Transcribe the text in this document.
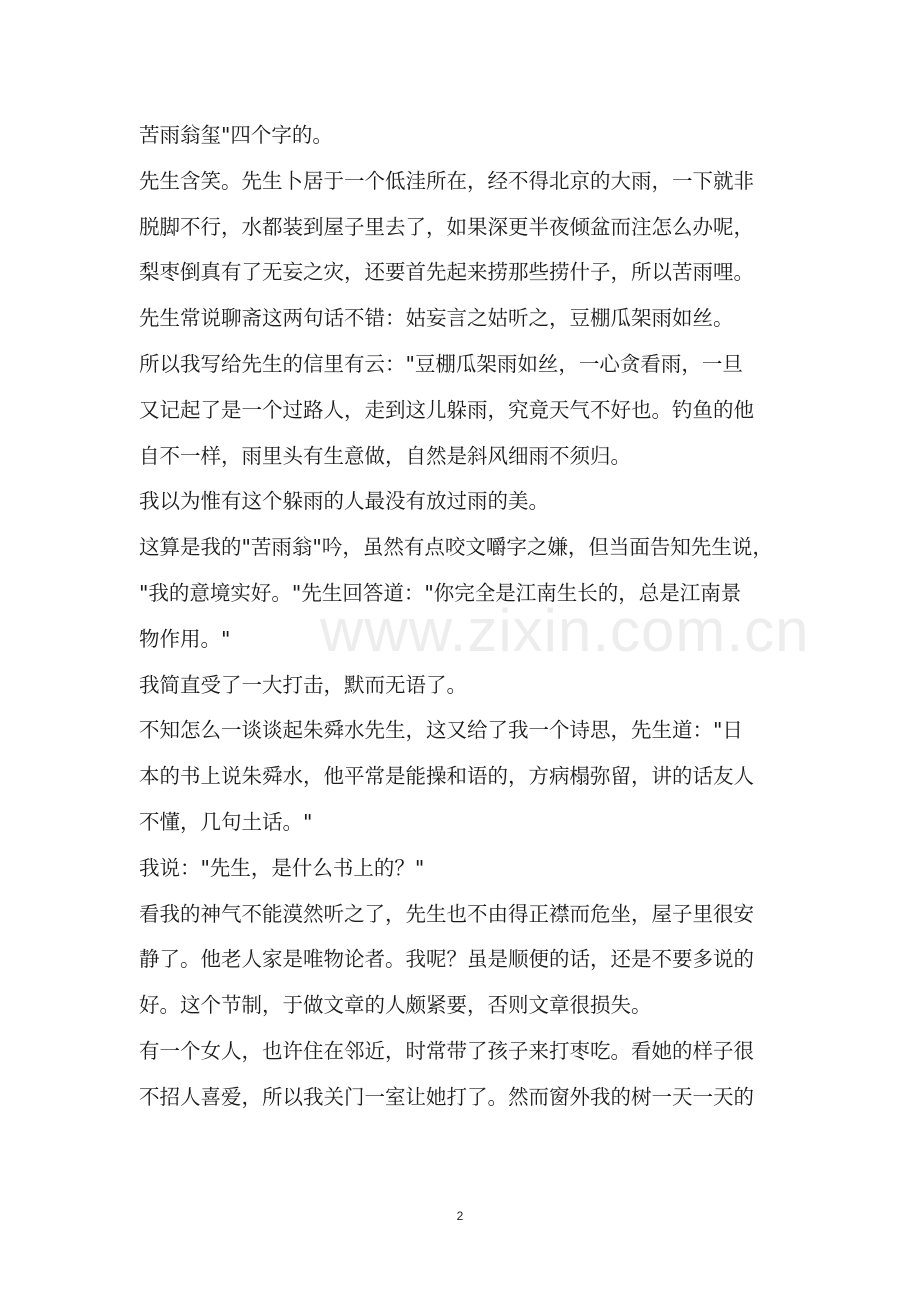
苦雨翁玺"四个字的。
先生含笑。先生卜居于一个低洼所在，经不得北京的大雨，一下就非
脱脚不行，水都装到屋子里去了，如果深更半夜倾盆而注怎么办呢，
梨枣倒真有了无妄之灾，还要首先起来捞那些捞什子，所以苦雨哩。
先生常说聊斋这两句话不错：姑妄言之姑听之，豆棚瓜架雨如丝。
所以我写给先生的信里有云："豆棚瓜架雨如丝，一心贪看雨，一旦
又记起了是一个过路人，走到这儿躲雨，究竟天气不好也。钓鱼的他
自不一样，雨里头有生意做，自然是斜风细雨不须归。
我以为惟有这个躲雨的人最没有放过雨的美。
这算是我的"苦雨翁"吟，虽然有点咬文嚼字之嫌，但当面告知先生说，
"我的意境实好。"先生回答道："你完全是江南生长的，总是江南景
物作用。"
我简直受了一大打击，默而无语了。
不知怎么一谈谈起朱舜水先生，这又给了我一个诗思，先生道："日
本的书上说朱舜水，他平常是能操和语的，方病榻弥留，讲的话友人
不懂，几句土话。"
我说："先生，是什么书上的？"
看我的神气不能漠然听之了，先生也不由得正襟而危坐，屋子里很安
静了。他老人家是唯物论者。我呢？虽是顺便的话，还是不要多说的
好。这个节制，于做文章的人颇紧要，否则文章很损失。
有一个女人，也许住在邻近，时常带了孩子来打枣吃。看她的样子很
不招人喜爱，所以我关门一室让她打了。然而窗外我的树一天一天的
www.zixin.com.cn
2
